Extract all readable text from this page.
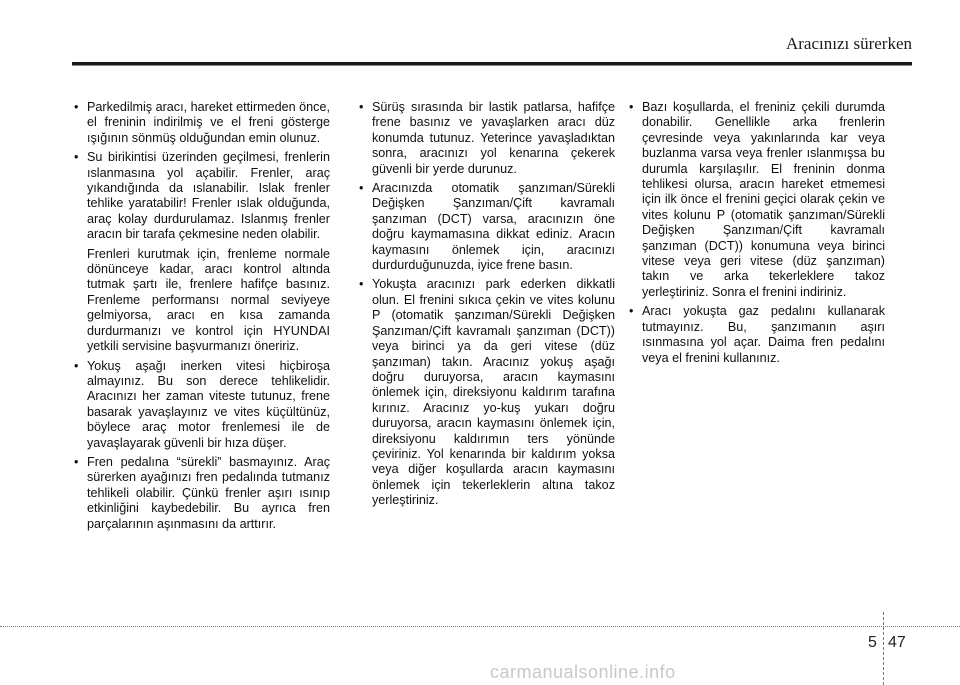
Aracınızı sürerken
• Parkedilmiş aracı, hareket ettirmeden önce, el freninin indirilmiş ve el freni gösterge ışığının sönmüş olduğundan emin olunuz.
• Su birikintisi üzerinden geçilmesi, frenlerin ıslanmasına yol açabilir. Frenler, araç yıkandığında da ıslanabilir. Islak frenler tehlike yaratabilir! Frenler ıslak olduğunda, araç kolay durdurulamaz. Islanmış frenler aracın bir tarafa çekmesine neden olabilir.
Frenleri kurutmak için, frenleme normale dönünceye kadar, aracı kontrol altında tutmak şartı ile, frenlere hafifçe basınız. Frenleme performansı normal seviyeye gelmiyorsa, aracı en kısa zamanda durdurmanızı ve kontrol için HYUNDAI yetkili servisine başvurmanızı öneririz.
• Yokuş aşağı inerken vitesi hiçbiroşa almayınız. Bu son derece tehlikelidir. Aracınızı her zaman viteste tutunuz, frene basarak yavaşlayınız ve vites küçültünüz, böylece araç motor frenlemesi ile de yavaşlayarak güvenli bir hıza düşer.
• Fren pedalına “sürekli” basmayınız. Araç sürerken ayağınızı fren pedalında tutmanız tehlikeli olabilir. Çünkü frenler aşırı ısınıp etkinliğini kaybedebilir. Bu ayrıca fren parçalarının aşınmasını da arttırır.
• Sürüş sırasında bir lastik patlarsa, hafifçe frene basınız ve yavaşlarken aracı düz konumda tutunuz. Yeterince yavaşladıktan sonra, aracınızı yol kenarına çekerek güvenli bir yerde durunuz.
• Aracınızda otomatik şanzıman/Sürekli Değişken Şanzıman/Çift kavramalı şanzıman (DCT) varsa, aracınızın öne doğru kaymamasına dikkat ediniz. Aracın kaymasını önlemek için, aracınızı durdurduğunuzda, iyice frene basın.
• Yokuşta aracınızı park ederken dikkatli olun. El frenini sıkıca çekin ve vites kolunu P (otomatik şanzıman/Sürekli Değişken Şanzıman/Çift kavramalı şanzıman (DCT)) veya birinci ya da geri vitese (düz şanzıman) takın. Aracınız yokuş aşağı doğru duruyorsa, aracın kaymasını önlemek için, direksiyonu kaldırım tarafına kırınız. Aracınız yo-kuş yukarı doğru duruyorsa, aracın kaymasını önlemek için, direksiyonu kaldırımın ters yönünde çeviriniz. Yol kenarında bir kaldırım yoksa veya diğer koşullarda aracın kaymasını önlemek için tekerleklerin altına takoz yerleştiriniz.
• Bazı koşullarda, el freniniz çekili durumda donabilir. Genellikle arka frenlerin çevresinde veya yakınlarında kar veya buzlanma varsa veya frenler ıslanmışsa bu durumla karşılaşılır. El freninin donma tehlikesi olursa, aracın hareket etmemesi için ilk önce el frenini geçici olarak çekin ve vites kolunu P (otomatik şanzıman/Sürekli Değişken Şanzıman/Çift kavramalı şanzıman (DCT)) konumuna veya birinci vitese veya geri vitese (düz şanzıman) takın ve arka tekerleklere takoz yerleştiriniz. Sonra el frenini indiriniz.
• Aracı yokuşta gaz pedalını kullanarak tutmayınız. Bu, şanzımanın aşırı ısınmasına yol açar. Daima fren pedalını veya el frenini kullanınız.
5 47
carmanualsonline.info
